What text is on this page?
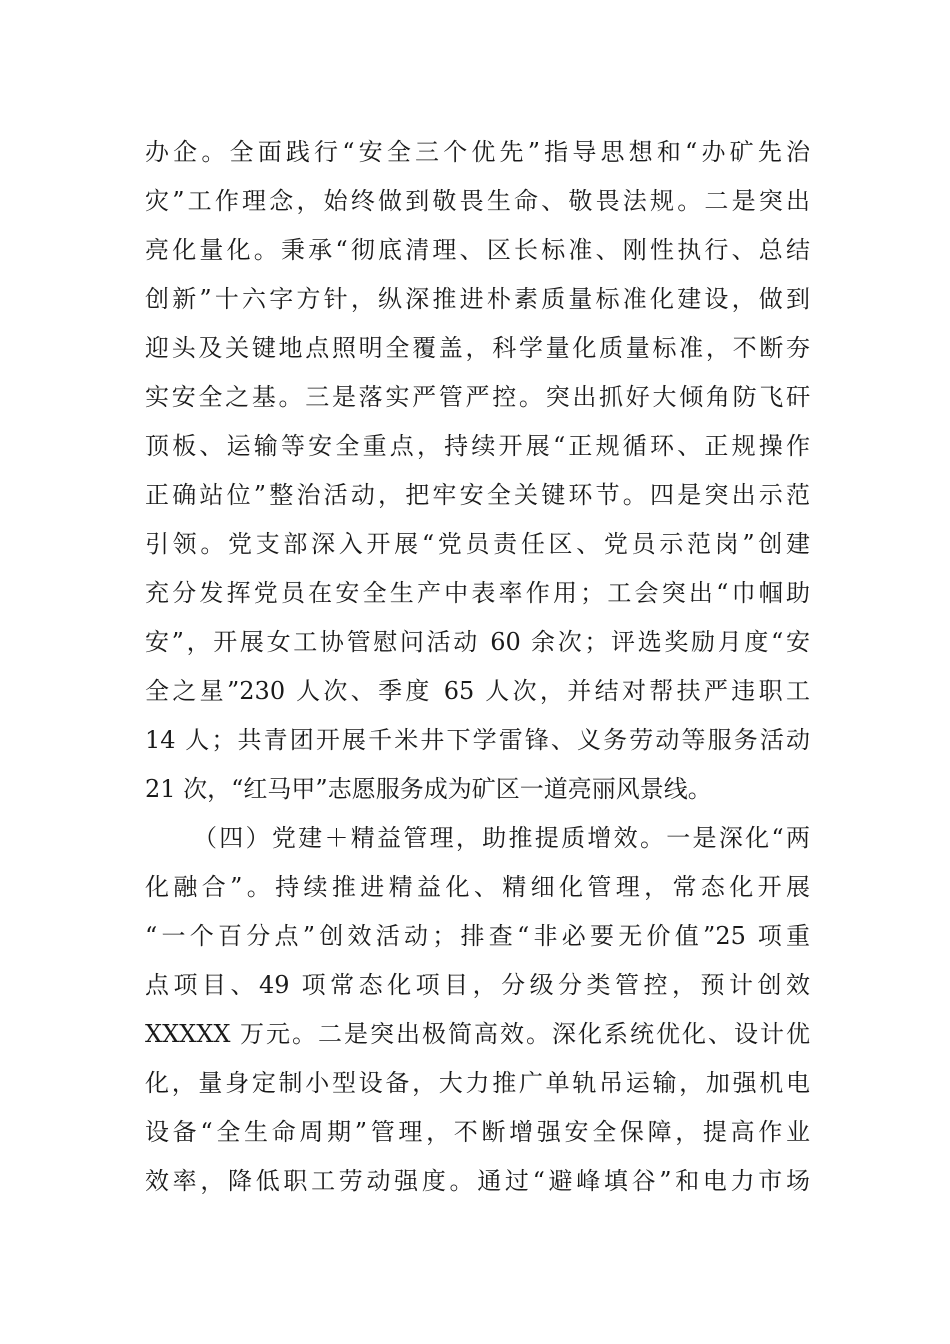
办企。全面践行“安全三个优先”指导思想和“办矿先治
灾”工作理念，始终做到敬畏生命、敬畏法规。二是突出
亮化量化。秉承“彻底清理、区长标准、刚性执行、总结
创新”十六字方针，纵深推进朴素质量标准化建设，做到
迎头及关键地点照明全覆盖，科学量化质量标准，不断夯
实安全之基。三是落实严管严控。突出抓好大倾角防飞矸
顶板、运输等安全重点，持续开展“正规循环、正规操作
正确站位”整治活动，把牢安全关键环节。四是突出示范
引领。党支部深入开展“党员责任区、党员示范岗”创建
充分发挥党员在安全生产中表率作用；工会突出“巾帼助
安”，开展女工协管慰问活动 60 余次；评选奖励月度“安
全之星”230 人次、季度 65 人次，并结对帮扶严违职工
14 人；共青团开展千米井下学雷锋、义务劳动等服务活动
21 次，“红马甲”志愿服务成为矿区一道亮丽风景线。
（四）党建＋精益管理，助推提质增效。一是深化“两
化融合”。持续推进精益化、精细化管理，常态化开展
“一个百分点”创效活动；排查“非必要无价值”25 项重
点项目、49 项常态化项目，分级分类管控，预计创效
XXXXX 万元。二是突出极简高效。深化系统优化、设计优
化，量身定制小型设备，大力推广单轨吊运输，加强机电
设备“全生命周期”管理，不断增强安全保障，提高作业
效率，降低职工劳动强度。通过“避峰填谷”和电力市场
